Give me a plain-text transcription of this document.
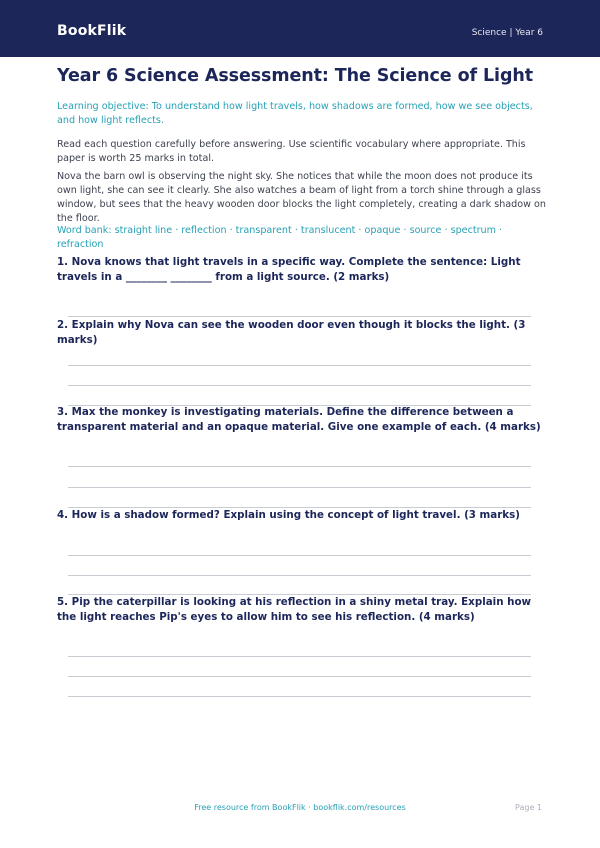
BookFlik	Science | Year 6
Year 6 Science Assessment: The Science of Light

Learning objective: To understand how light travels, how shadows are formed, how we see objects, and how light reflects.

Read each question carefully before answering. Use scientific vocabulary where appropriate. This paper is worth 25 marks in total.

Nova the barn owl is observing the night sky. She notices that while the moon does not produce its own light, she can see it clearly. She also watches a beam of light from a torch shine through a glass window, but sees that the heavy wooden door blocks the light completely, creating a dark shadow on the floor.

Word bank: straight line · reflection · transparent · translucent · opaque · source · spectrum · refraction

1. Nova knows that light travels in a specific way. Complete the sentence: Light travels in a ________ ________ from a light source. (2 marks)

2. Explain why Nova can see the wooden door even though it blocks the light. (3 marks)

3. Max the monkey is investigating materials. Define the difference between a transparent material and an opaque material. Give one example of each. (4 marks)

4. How is a shadow formed? Explain using the concept of light travel. (3 marks)

5. Pip the caterpillar is looking at his reflection in a shiny metal tray. Explain how the light reaches Pip's eyes to allow him to see his reflection. (4 marks)

Free resource from BookFlik · bookflik.com/resources	Page 1
